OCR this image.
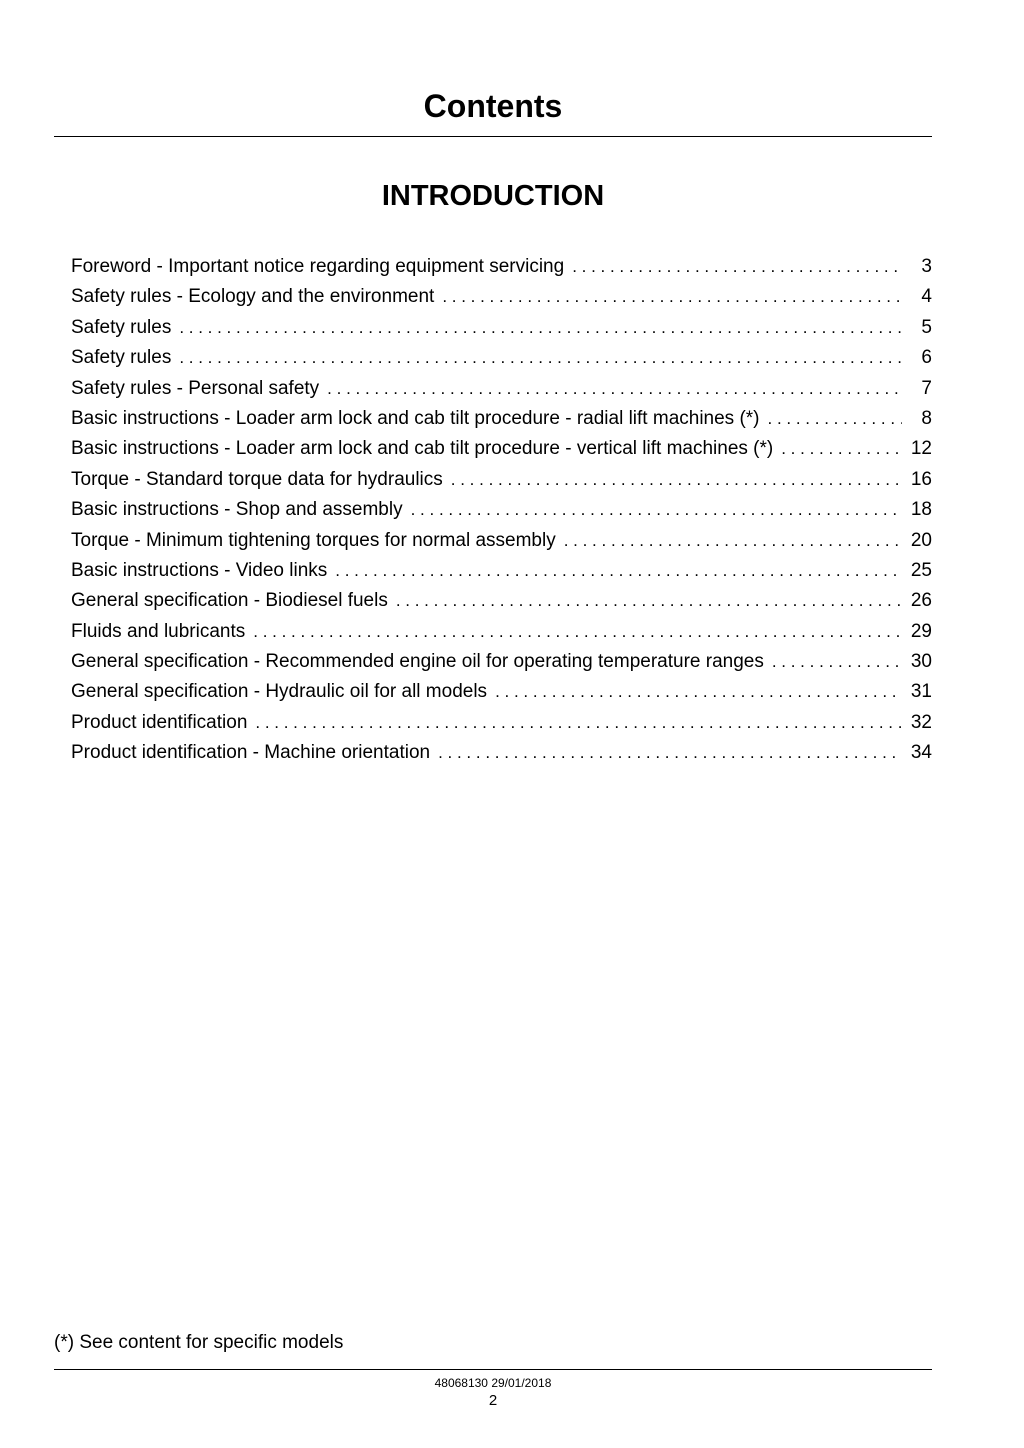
Contents
INTRODUCTION
Foreword - Important notice regarding equipment servicing . . .	3
Safety rules - Ecology and the environment . . .	4
Safety rules . . .	5
Safety rules . . .	6
Safety rules - Personal safety . . .	7
Basic instructions - Loader arm lock and cab tilt procedure - radial lift machines (*) . . .	8
Basic instructions - Loader arm lock and cab tilt procedure - vertical lift machines (*) . . .	12
Torque - Standard torque data for hydraulics . . .	16
Basic instructions - Shop and assembly . . .	18
Torque - Minimum tightening torques for normal assembly . . .	20
Basic instructions - Video links . . .	25
General specification - Biodiesel fuels . . .	26
Fluids and lubricants . . .	29
General specification - Recommended engine oil for operating temperature ranges . . .	30
General specification - Hydraulic oil for all models . . .	31
Product identification . . .	32
Product identification - Machine orientation . . .	34
(*) See content for specific models
48068130 29/01/2018
2
